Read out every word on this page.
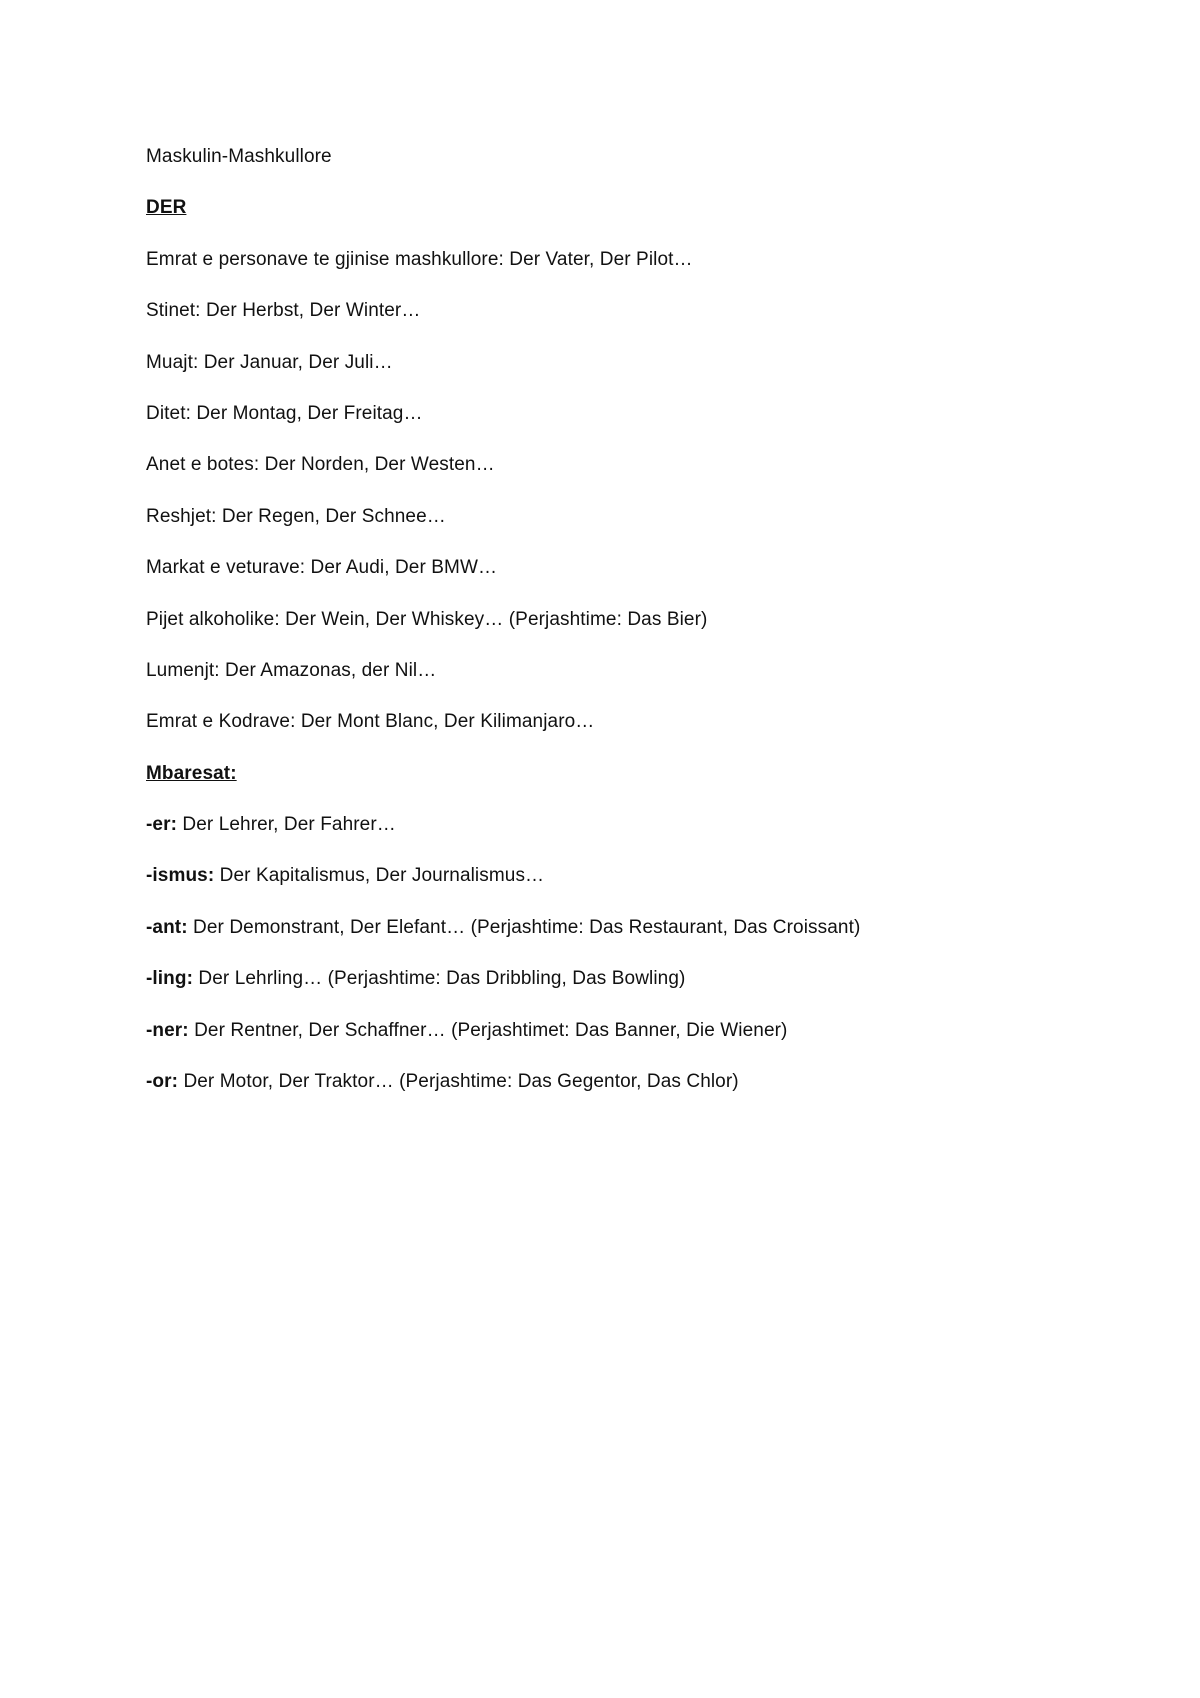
Maskulin-Mashkullore
DER
Emrat e personave te gjinise mashkullore: Der Vater, Der Pilot…
Stinet: Der Herbst, Der Winter…
Muajt: Der Januar, Der Juli…
Ditet: Der Montag, Der Freitag…
Anet e botes: Der Norden, Der Westen…
Reshjet: Der Regen, Der Schnee…
Markat e veturave: Der Audi, Der BMW…
Pijet alkoholike: Der Wein, Der Whiskey… (Perjashtime: Das Bier)
Lumenjt: Der Amazonas, der Nil…
Emrat e Kodrave: Der Mont Blanc, Der Kilimanjaro…
Mbaresat:
-er: Der Lehrer, Der Fahrer…
-ismus: Der Kapitalismus, Der Journalismus…
-ant: Der Demonstrant, Der Elefant… (Perjashtime: Das Restaurant, Das Croissant)
-ling: Der Lehrling… (Perjashtime: Das Dribbling, Das Bowling)
-ner: Der Rentner, Der Schaffner… (Perjashtimet: Das Banner, Die Wiener)
-or: Der Motor, Der Traktor… (Perjashtime: Das Gegentor, Das Chlor)
